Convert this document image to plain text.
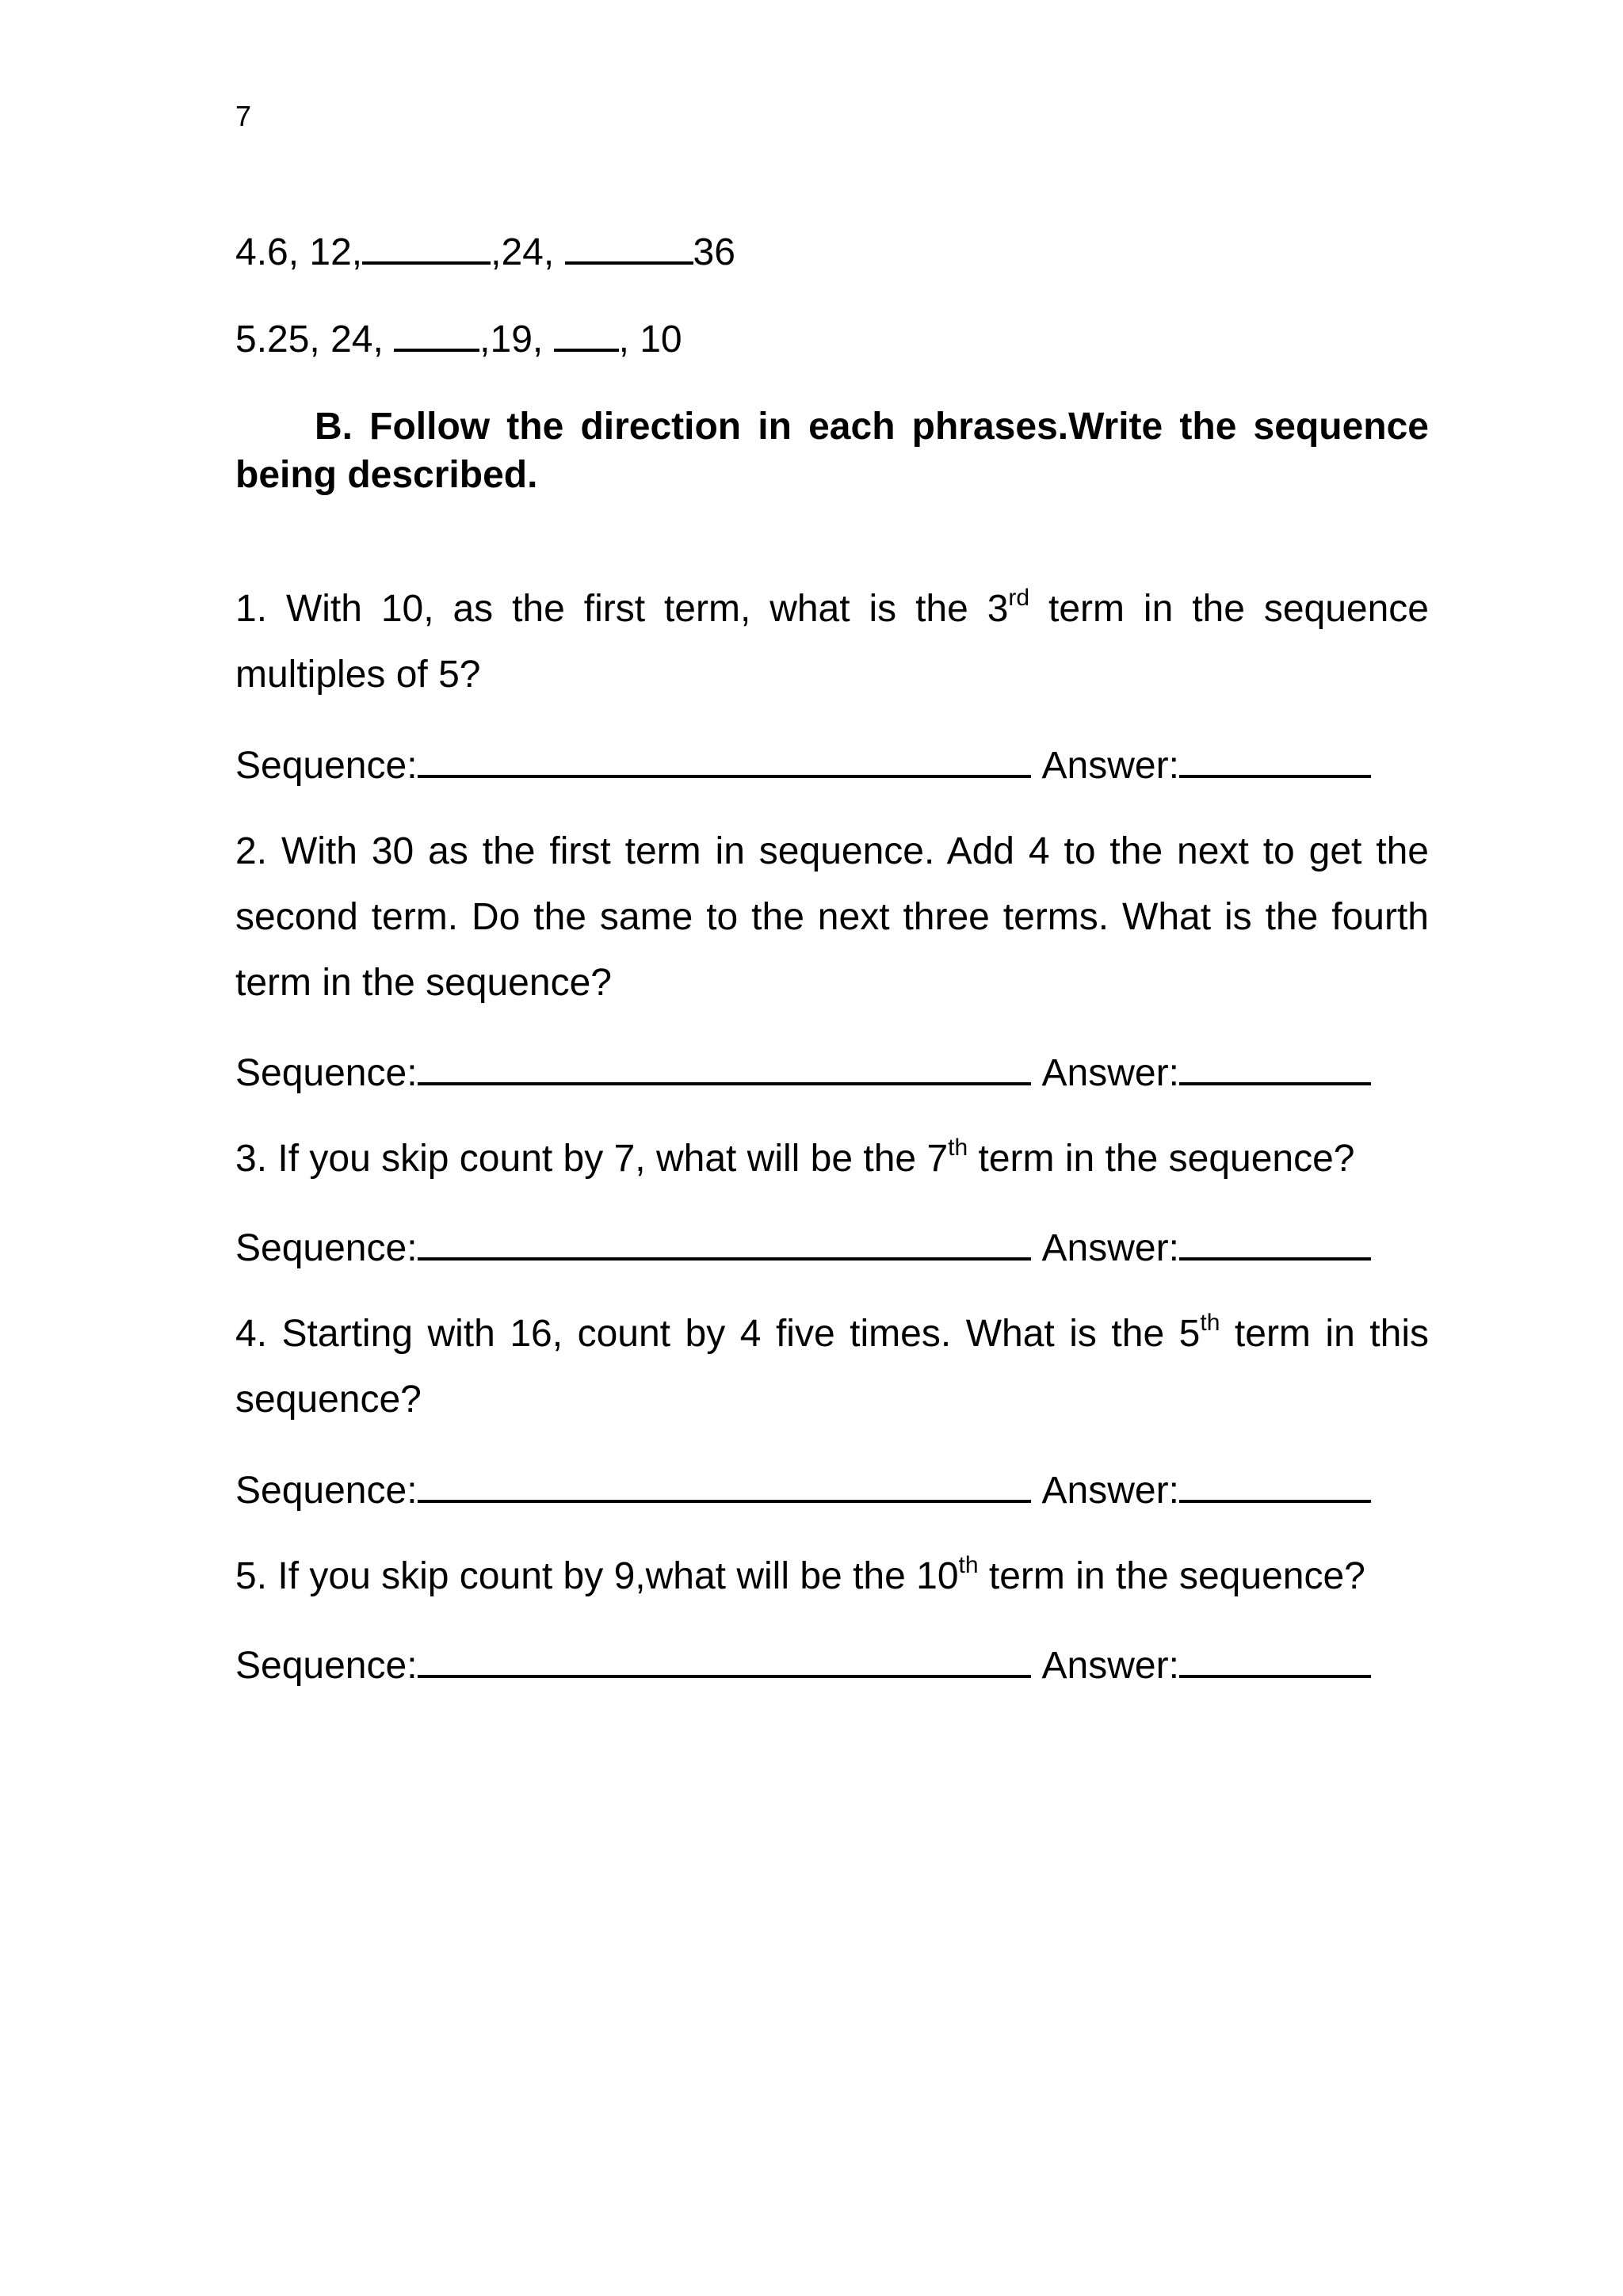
7
4.6, 12,	,24,	36
5.25, 24, ,19, , 10
B. Follow the direction in each phrases.Write the sequence being described.
1. With 10, as the first term, what is the 3rd term in the sequence multiples of 5?
Sequence:	Answer:
2. With 30 as the first term in sequence. Add 4 to the next to get the second term. Do the same to the next three terms. What is the fourth term in the sequence?
Sequence:	Answer:
3. If you skip count by 7, what will be the 7th term in the sequence?
Sequence:	Answer:
4. Starting with 16, count by 4 five times. What is the 5th term in this sequence?
Sequence:	Answer:
5. If you skip count by 9,what will be the 10th term in the sequence?
Sequence:	Answer:
